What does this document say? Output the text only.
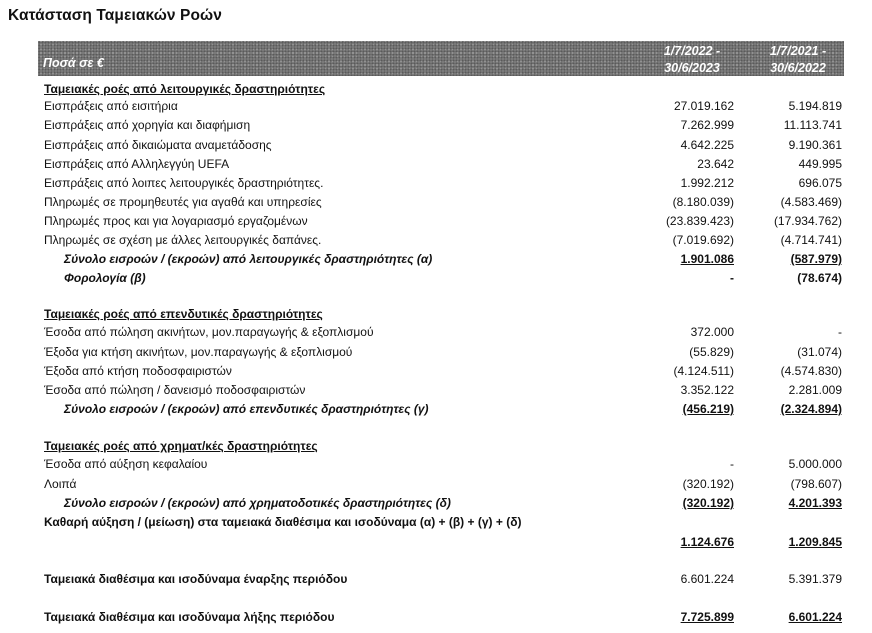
Κατάσταση Ταμειακών Ροών
Ποσά σε €
1/7/2022 -
30/6/2023
1/7/2021 -
30/6/2022
Ταμειακές ροές από λειτουργικές δραστηριότητες
Εισπράξεις από εισιτήρια	27.019.162	5.194.819
Εισπράξεις από χορηγία και διαφήμιση	7.262.999	11.113.741
Εισπράξεις από δικαιώματα αναμετάδοσης	4.642.225	9.190.361
Εισπράξεις από Αλληλεγγύη UEFA	23.642	449.995
Εισπράξεις από λοιπες λειτουργικές δραστηριότητες.	1.992.212	696.075
Πληρωμές σε προμηθευτές για αγαθά και υπηρεσίες	(8.180.039)	(4.583.469)
Πληρωμές προς και για λογαριασμό εργαζομένων	(23.839.423)	(17.934.762)
Πληρωμές σε σχέση με άλλες λειτουργικές δαπάνες.	(7.019.692)	(4.714.741)
Σύνολο εισροών / (εκροών) από λειτουργικές δραστηριότητες (α)	1.901.086	(587.979)
Φορολογία (β)	-	(78.674)
Ταμειακές ροές από επενδυτικές δραστηριότητες
Έσοδα από πώληση ακινήτων, μον.παραγωγής & εξοπλισμού	372.000	-
Έξοδα για κτήση ακινήτων, μον.παραγωγής & εξοπλισμού	(55.829)	(31.074)
Έξοδα από κτήση ποδοσφαιριστών	(4.124.511)	(4.574.830)
Έσοδα από πώληση / δανεισμό ποδοσφαιριστών	3.352.122	2.281.009
Σύνολο εισροών / (εκροών) από επενδυτικές δραστηριότητες (γ)	(456.219)	(2.324.894)
Ταμειακές ροές από χρηματ/κές δραστηριότητες
Έσοδα από αύξηση κεφαλαίου	-	5.000.000
Λοιπά	(320.192)	(798.607)
Σύνολο εισροών / (εκροών) από χρηματοδοτικές δραστηριότητες (δ)	(320.192)	4.201.393
Καθαρή αύξηση / (μείωση) στα ταμειακά διαθέσιμα και ισοδύναμα (α) + (β) + (γ) + (δ)
1.124.676	1.209.845
Ταμειακά διαθέσιμα και ισοδύναμα έναρξης περιόδου	6.601.224	5.391.379
Ταμειακά διαθέσιμα και ισοδύναμα λήξης περιόδου	7.725.899	6.601.224
